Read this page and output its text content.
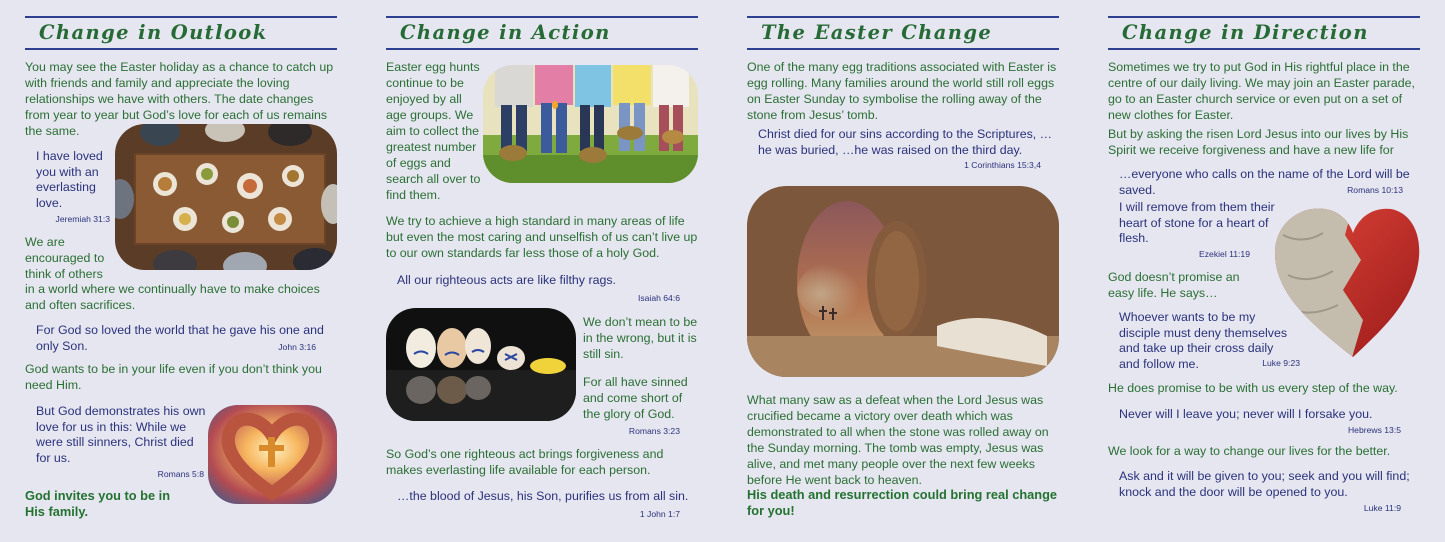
Change in Outlook

You may see the Easter holiday as a chance to catch up with friends and family and appreciate the loving relationships we have with others. The date changes from year to year but God’s love for each of us remains the same.

I have loved you with an everlasting love.

Jeremiah 31:3

We are encouraged to think of others

in a world where we continually have to make choices and often sacrifices.

For God so loved the world that he gave his one and only Son.	John 3:16

God wants to be in your life even if you don’t think you need Him.

But God demonstrates his own love for us in this: While we were still sinners, Christ died for us.

Romans 5:8

God invites you to be in His family.

Change in Action

Easter egg hunts continue to be enjoyed by all age groups. We aim to collect the greatest number of eggs and search all over to find them.

We try to achieve a high standard in many areas of life but even the most caring and unselfish of us can’t live up to our own standards far less those of a holy God.

All our righteous acts are like filthy rags.

Isaiah 64:6

We don’t mean to be in the wrong, but it is still sin.

For all have sinned and come short of the glory of God.

Romans 3:23

So God’s one righteous act brings forgiveness and makes everlasting life available for each person.

…the blood of Jesus, his Son, purifies us from all sin.

1 John 1:7
The Easter Change

One of the many egg traditions associated with Easter is egg rolling. Many families around the world still roll eggs on Easter Sunday to symbolise the rolling away of the stone from Jesus’ tomb.

Christ died for our sins according to the Scriptures, … he was buried, …he was raised on the third day.

1 Corinthians 15:3,4

What many saw as a defeat when the Lord Jesus was crucified became a victory over death which was demonstrated to all when the stone was rolled away on the Sunday morning. The tomb was empty, Jesus was alive, and met many people over the next few weeks before He went back to heaven.

His death and resurrection could bring real change for you!

Change in Direction

Sometimes we try to put God in His rightful place in the centre of our daily living. We may join an Easter parade, go to an Easter church service or even put on a set of new clothes for Easter.

But by asking the risen Lord Jesus into our lives by His Spirit we receive forgiveness and have a new life for

…everyone who calls on the name of the Lord will be saved.	Romans 10:13

I will remove from them their heart of stone for a heart of flesh.

Ezekiel 11:19

God doesn’t promise an easy life. He says…

Whoever wants to be my disciple must deny themselves and take up their cross daily and follow me.	Luke 9:23

He does promise to be with us every step of the way.

Never will I leave you; never will I forsake you.

Hebrews 13:5

We look for a way to change our lives for the better.

Ask and it will be given to you; seek and you will find; knock and the door will be opened to you.

Luke 11:9
